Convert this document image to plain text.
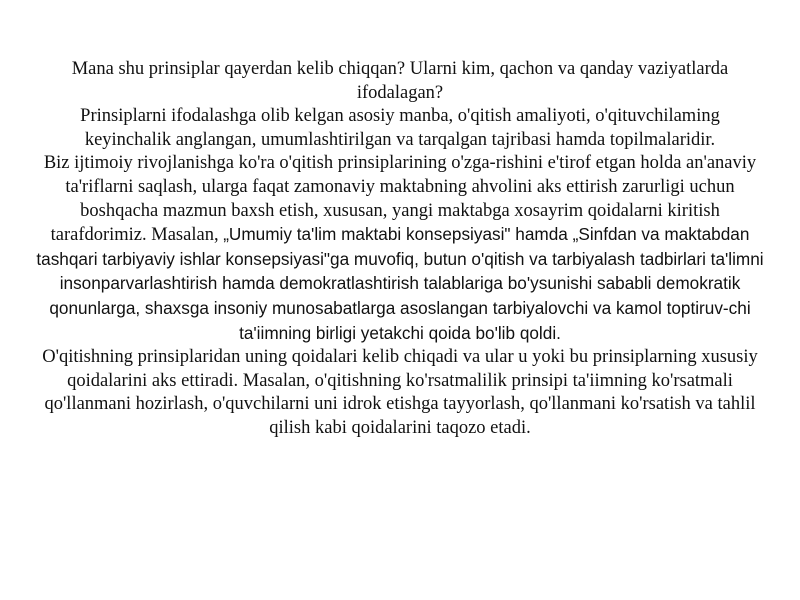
Mana shu prinsiplar qayerdan kelib chiqqan? Ularni kim, qachon va qanday vaziyatlarda ifodalagan?

Prinsiplarni ifodalashga olib kelgan asosiy manba, o'qitish amaliyoti, o'qituvchilaming keyinchalik anglangan, umumlashtirilgan va tarqalgan tajribasi hamda topilmalaridir.

Biz ijtimoiy rivojlanishga ko'ra o'qitish prinsiplarining o'zga-rishini e'tirof etgan holda an'anaviy ta'riflarni saqlash, ularga faqat zamonaviy maktabning ahvolini aks ettirish zarurligi uchun boshqacha mazmun baxsh etish, xususan, yangi maktabga xosayrim qoidalarni kiritish tarafdorimiz. Masalan, „Umumiy ta'lim maktabi konsepsiyasi" hamda „Sinfdan va maktabdan tashqari tarbiyaviy ishlar konsepsiyasi"ga muvofiq, butun o'qitish va tarbiyalash tadbirlari ta'limni insonparvarlashtirish hamda demokratlashtirish talablariga bo'ysunishi sababli demokratik qonunlarga, shaxsga insoniy munosabatlarga asoslangan tarbiyalovchi va kamol toptiruv-chi ta'iimning birligi yetakchi qoida bo'lib qoldi.

O'qitishning prinsiplaridan uning qoidalari kelib chiqadi va ular u yoki bu prinsiplarning xususiy qoidalarini aks ettiradi. Masalan, o'qitishning ko'rsatmalilik prinsipi ta'iimning ko'rsatmali qo'llanmani hozirlash, o'quvchilarni uni idrok etishga tayyorlash, qo'llanmani ko'rsatish va tahlil qilish kabi qoidalarini taqozo etadi.
